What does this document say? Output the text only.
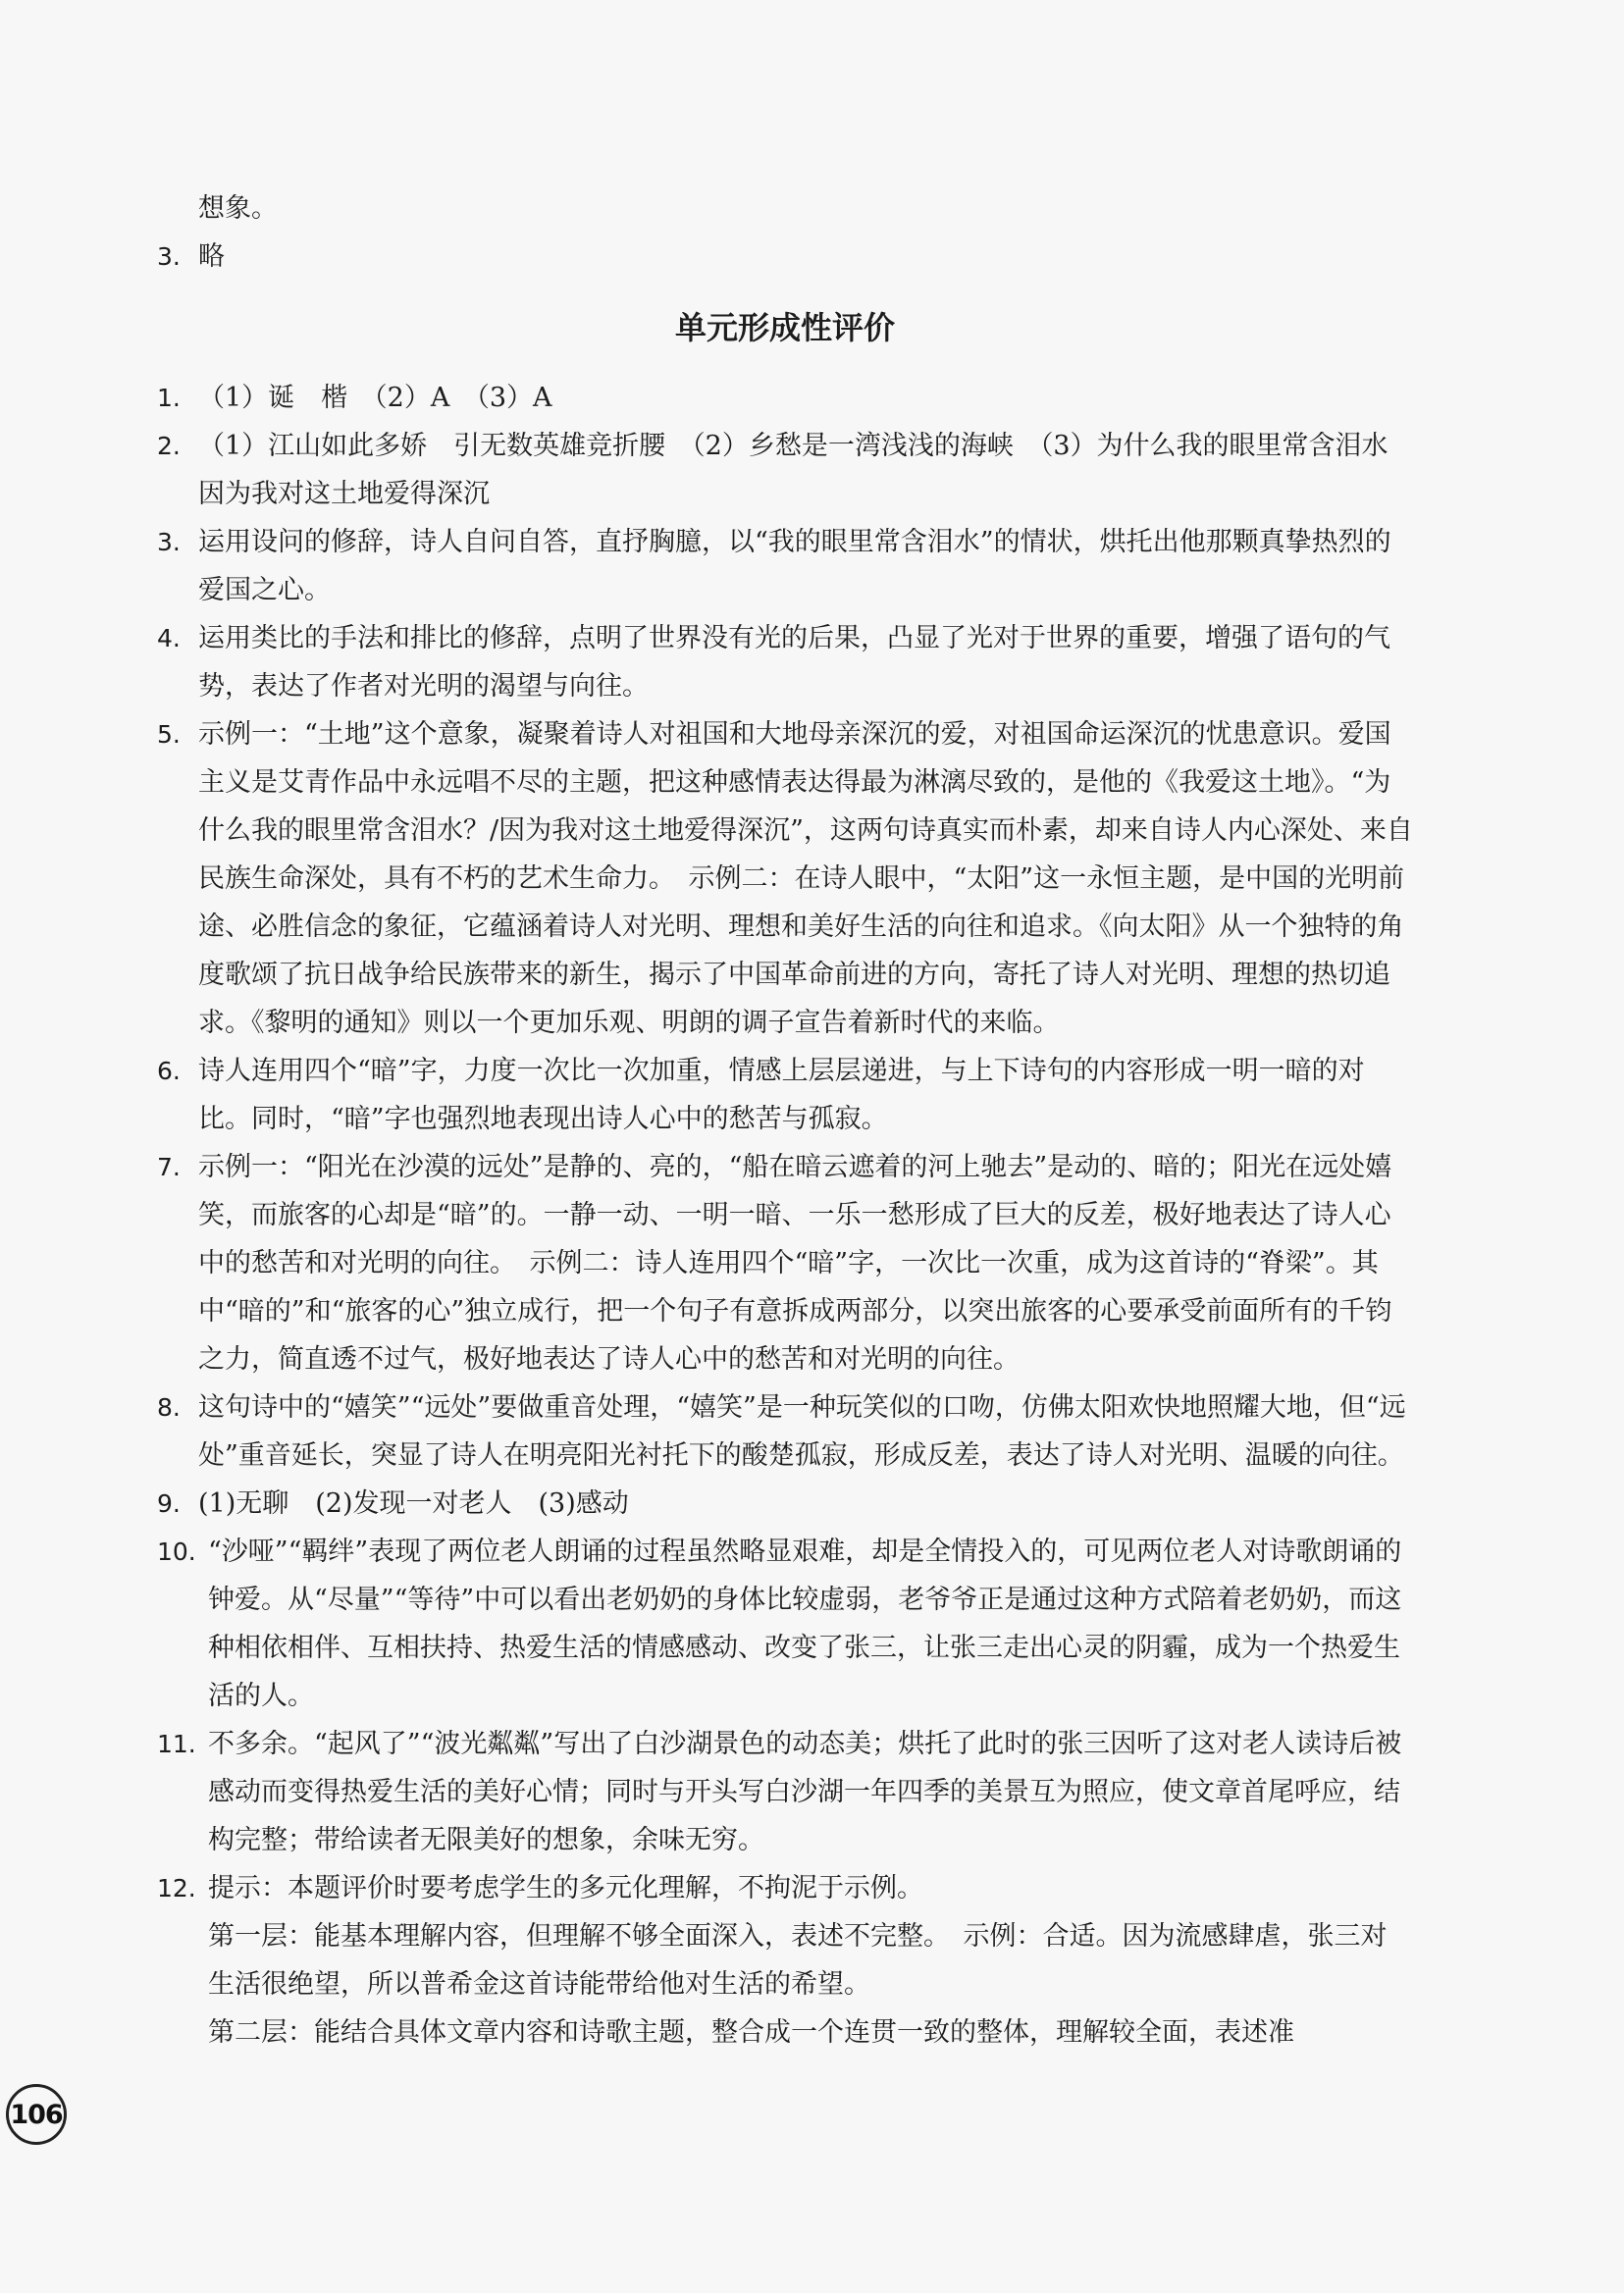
想象。

3. 略

单元形成性评价

1. （1）诞　楷　（2）A　（3）A

2. （1）江山如此多娇　引无数英雄竞折腰　（2）乡愁是一湾浅浅的海峡　（3）为什么我的眼里常含泪水　因为我对这土地爱得深沉

3. 运用设问的修辞，诗人自问自答，直抒胸臆，以“我的眼里常含泪水”的情状，烘托出他那颗真挚热烈的爱国之心。

4. 运用类比的手法和排比的修辞，点明了世界没有光的后果，凸显了光对于世界的重要，增强了语句的气势，表达了作者对光明的渴望与向往。

5. 示例一：“土地”这个意象，凝聚着诗人对祖国和大地母亲深沉的爱，对祖国命运深沉的忧患意识。爱国主义是艾青作品中永远唱不尽的主题，把这种感情表达得最为淋漓尽致的，是他的《我爱这土地》。“为什么我的眼里常含泪水？/因为我对这土地爱得深沉”，这两句诗真实而朴素，却来自诗人内心深处、来自民族生命深处，具有不朽的艺术生命力。　示例二：在诗人眼中，“太阳”这一永恒主题，是中国的光明前途、必胜信念的象征，它蕴涵着诗人对光明、理想和美好生活的向往和追求。《向太阳》从一个独特的角度歌颂了抗日战争给民族带来的新生，揭示了中国革命前进的方向，寄托了诗人对光明、理想的热切追求。《黎明的通知》则以一个更加乐观、明朗的调子宣告着新时代的来临。

6. 诗人连用四个“暗”字，力度一次比一次加重，情感上层层递进，与上下诗句的内容形成一明一暗的对比。同时，“暗”字也强烈地表现出诗人心中的愁苦与孤寂。

7. 示例一：“阳光在沙漠的远处”是静的、亮的，“船在暗云遮着的河上驰去”是动的、暗的；阳光在远处嬉笑，而旅客的心却是“暗”的。一静一动、一明一暗、一乐一愁形成了巨大的反差，极好地表达了诗人心中的愁苦和对光明的向往。　示例二：诗人连用四个“暗”字，一次比一次重，成为这首诗的“脊梁”。其中“暗的”和“旅客的心”独立成行，把一个句子有意拆成两部分，以突出旅客的心要承受前面所有的千钧之力，简直透不过气，极好地表达了诗人心中的愁苦和对光明的向往。

8. 这句诗中的“嬉笑”“远处”要做重音处理，“嬉笑”是一种玩笑似的口吻，仿佛太阳欢快地照耀大地，但“远处”重音延长，突显了诗人在明亮阳光衬托下的酸楚孤寂，形成反差，表达了诗人对光明、温暖的向往。

9. (1)无聊　(2)发现一对老人　(3)感动

10. “沙哑”“羁绊”表现了两位老人朗诵的过程虽然略显艰难，却是全情投入的，可见两位老人对诗歌朗诵的钟爱。从“尽量”“等待”中可以看出老奶奶的身体比较虚弱，老爷爷正是通过这种方式陪着老奶奶，而这种相依相伴、互相扶持、热爱生活的情感感动、改变了张三，让张三走出心灵的阴霾，成为一个热爱生活的人。

11. 不多余。“起风了”“波光粼粼”写出了白沙湖景色的动态美；烘托了此时的张三因听了这对老人读诗后被感动而变得热爱生活的美好心情；同时与开头写白沙湖一年四季的美景互为照应，使文章首尾呼应，结构完整；带给读者无限美好的想象，余味无穷。

12. 提示：本题评价时要考虑学生的多元化理解，不拘泥于示例。

第一层：能基本理解内容，但理解不够全面深入，表述不完整。　示例：合适。因为流感肆虐，张三对生活很绝望，所以普希金这首诗能带给他对生活的希望。

第二层：能结合具体文章内容和诗歌主题，整合成一个连贯一致的整体，理解较全面，表述准

106
